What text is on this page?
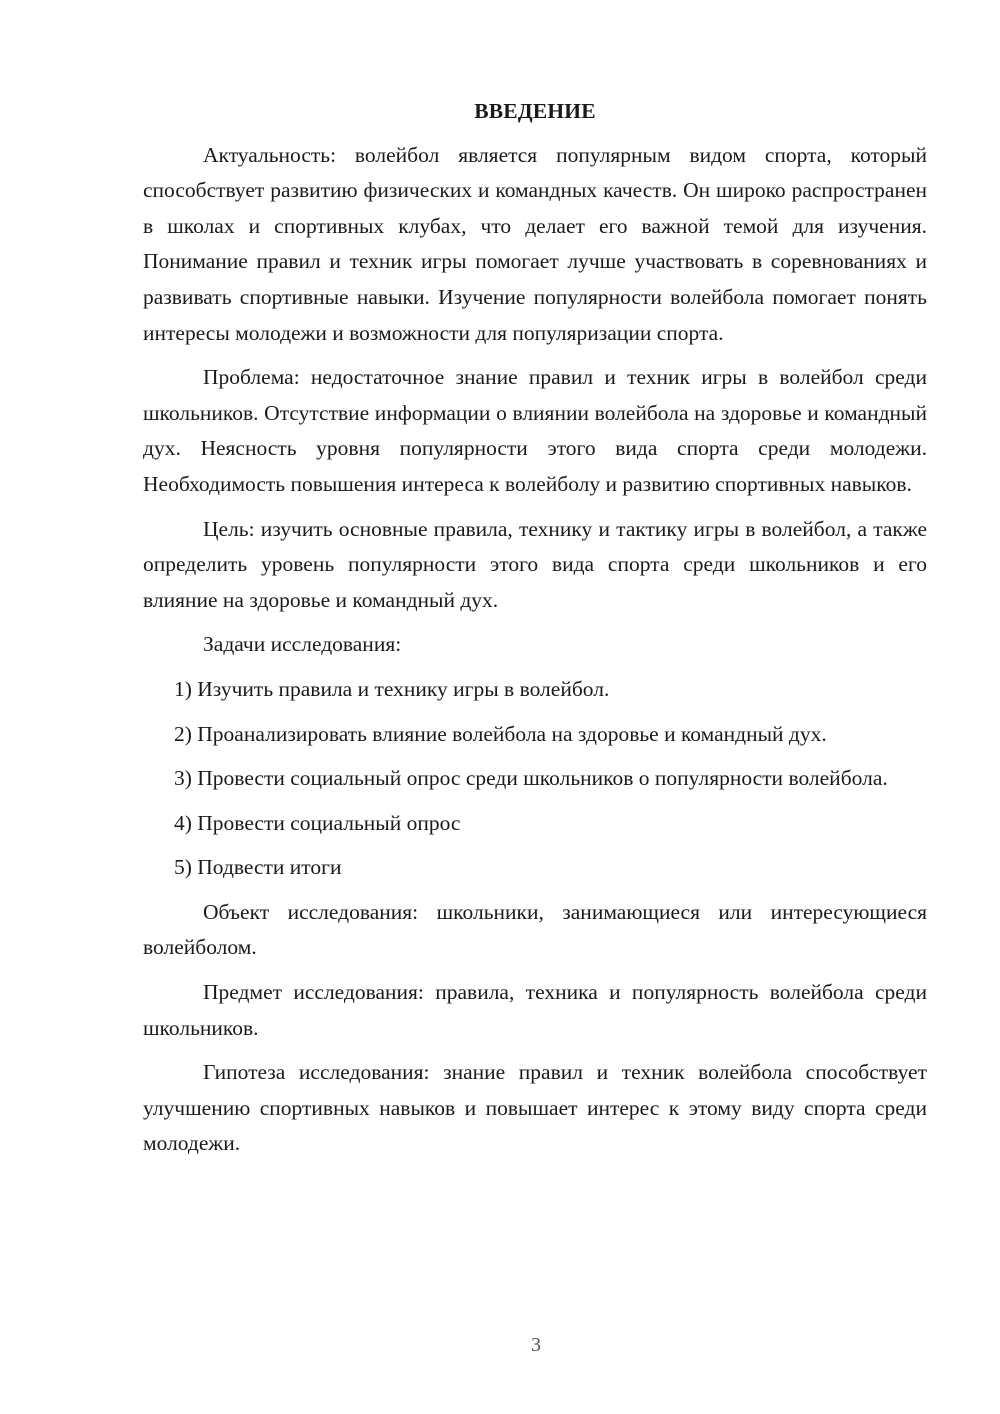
ВВЕДЕНИЕ

Актуальность: волейбол является популярным видом спорта, который способствует развитию физических и командных качеств. Он широко распространен в школах и спортивных клубах, что делает его важной темой для изучения. Понимание правил и техник игры помогает лучше участвовать в соревнованиях и развивать спортивные навыки. Изучение популярности волейбола помогает понять интересы молодежи и возможности для популяризации спорта.

Проблема: недостаточное знание правил и техник игры в волейбол среди школьников. Отсутствие информации о влиянии волейбола на здоровье и командный дух. Неясность уровня популярности этого вида спорта среди молодежи. Необходимость повышения интереса к волейболу и развитию спортивных навыков.

Цель: изучить основные правила, технику и тактику игры в волейбол, а также определить уровень популярности этого вида спорта среди школьников и его влияние на здоровье и командный дух.

Задачи исследования:

1) Изучить правила и технику игры в волейбол.

2) Проанализировать влияние волейбола на здоровье и командный дух.

3) Провести социальный опрос среди школьников о популярности волейбола.

4) Провести социальный опрос

5) Подвести итоги

Объект исследования: школьники, занимающиеся или интересующиеся волейболом.

Предмет исследования: правила, техника и популярность волейбола среди школьников.

Гипотеза исследования: знание правил и техник волейбола способствует улучшению спортивных навыков и повышает интерес к этому виду спорта среди молодежи.

3
